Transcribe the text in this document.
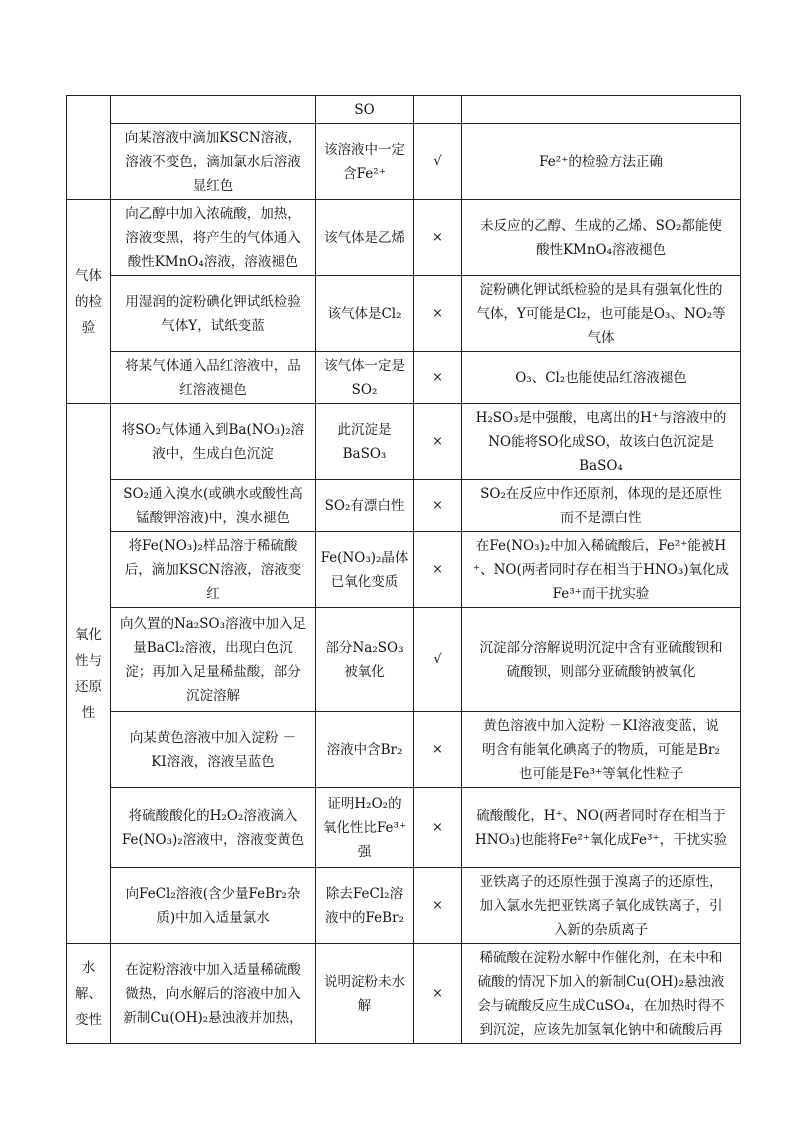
		SO		
	向某溶液中滴加KSCN溶液，
溶液不变色，滴加氯水后溶液
显红色	该溶液中一定
含Fe²⁺	√	Fe²⁺的检验方法正确
气体
的检
验	向乙醇中加入浓硫酸，加热，
溶液变黑，将产生的气体通入
酸性KMnO₄溶液，溶液褪色	该气体是乙烯	×	未反应的乙醇、生成的乙烯、SO₂都能使
酸性KMnO₄溶液褪色
	用湿润的淀粉碘化钾试纸检验
气体Y，试纸变蓝	该气体是Cl₂	×	淀粉碘化钾试纸检验的是具有强氧化性的
气体，Y可能是Cl₂，也可能是O₃、NO₂等
气体
	将某气体通入品红溶液中，品
红溶液褪色	该气体一定是
SO₂	×	O₃、Cl₂也能使品红溶液褪色
氧化
性与
还原
性	将SO₂气体通入到Ba(NO₃)₂溶
液中，生成白色沉淀	此沉淀是
BaSO₃	×	H₂SO₃是中强酸，电离出的H⁺与溶液中的
NO能将SO化成SO，故该白色沉淀是
BaSO₄
	SO₂通入溴水(或碘水或酸性高
锰酸钾溶液)中，溴水褪色	SO₂有漂白性	×	SO₂在反应中作还原剂，体现的是还原性
而不是漂白性
	将Fe(NO₃)₂样品溶于稀硫酸
后，滴加KSCN溶液，溶液变
红	Fe(NO₃)₂晶体
已氧化变质	×	在Fe(NO₃)₂中加入稀硫酸后，Fe²⁺能被H
⁺、NO(两者同时存在相当于HNO₃)氧化成
Fe³⁺而干扰实验
	向久置的Na₂SO₃溶液中加入足
量BaCl₂溶液，出现白色沉
淀；再加入足量稀盐酸，部分
沉淀溶解	部分Na₂SO₃
被氧化	√	沉淀部分溶解说明沉淀中含有亚硫酸钡和
硫酸钡，则部分亚硫酸钠被氧化
	向某黄色溶液中加入淀粉 －
KI溶液，溶液呈蓝色	溶液中含Br₂	×	黄色溶液中加入淀粉 －KI溶液变蓝，说
明含有能氧化碘离子的物质，可能是Br₂
也可能是Fe³⁺等氧化性粒子
	将硫酸酸化的H₂O₂溶液滴入
Fe(NO₃)₂溶液中，溶液变黄色	证明H₂O₂的
氧化性比Fe³⁺
强	×	硫酸酸化，H⁺、NO(两者同时存在相当于
HNO₃)也能将Fe²⁺氧化成Fe³⁺，干扰实验
	向FeCl₂溶液(含少量FeBr₂杂
质)中加入适量氯水	除去FeCl₂溶
液中的FeBr₂	×	亚铁离子的还原性强于溴离子的还原性，
加入氯水先把亚铁离子氧化成铁离子，引
入新的杂质离子
水
解、
变性	在淀粉溶液中加入适量稀硫酸
微热，向水解后的溶液中加入
新制Cu(OH)₂悬浊液并加热，	说明淀粉未水
解	×	稀硫酸在淀粉水解中作催化剂，在未中和
硫酸的情况下加入的新制Cu(OH)₂悬浊液
会与硫酸反应生成CuSO₄，在加热时得不
到沉淀，应该先加氢氧化钠中和硫酸后再
